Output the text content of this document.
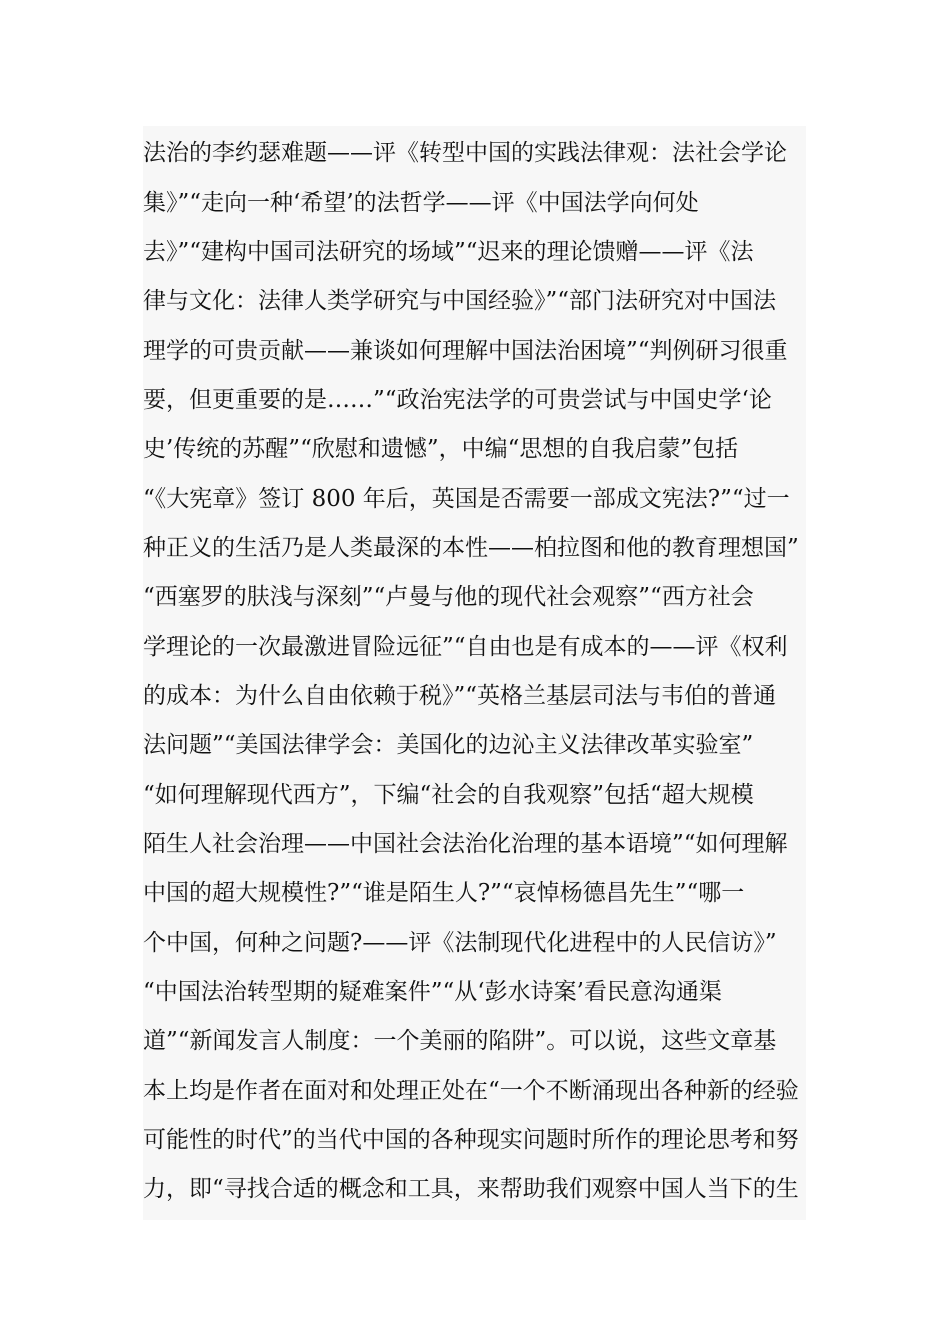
法治的李约瑟难题——评《转型中国的实践法律观：法社会学论
集》”“走向一种‘希望’的法哲学——评《中国法学向何处
去》”“建构中国司法研究的场域”“迟来的理论馈赠——评《法
律与文化：法律人类学研究与中国经验》”“部门法研究对中国法
理学的可贵贡献——兼谈如何理解中国法治困境”“判例研习很重
要，但更重要的是……”“政治宪法学的可贵尝试与中国史学‘论
史’传统的苏醒”“欣慰和遗憾”，中编“思想的自我启蒙”包括
“《大宪章》签订 800 年后，英国是否需要一部成文宪法?”“过一
种正义的生活乃是人类最深的本性——柏拉图和他的教育理想国”
“西塞罗的肤浅与深刻”“卢曼与他的现代社会观察”“西方社会
学理论的一次最激进冒险远征”“自由也是有成本的——评《权利
的成本：为什么自由依赖于税》”“英格兰基层司法与韦伯的普通
法问题”“美国法律学会：美国化的边沁主义法律改革实验室”
“如何理解现代西方”，下编“社会的自我观察”包括“超大规模
陌生人社会治理——中国社会法治化治理的基本语境”“如何理解
中国的超大规模性?”“谁是陌生人?”“哀悼杨德昌先生”“哪一
个中国，何种之问题?——评《法制现代化进程中的人民信访》”
“中国法治转型期的疑难案件”“从‘彭水诗案’看民意沟通渠
道”“新闻发言人制度：一个美丽的陷阱”。可以说，这些文章基
本上均是作者在面对和处理正处在“一个不断涌现出各种新的经验
可能性的时代”的当代中国的各种现实问题时所作的理论思考和努
力，即“寻找合适的概念和工具，来帮助我们观察中国人当下的生
